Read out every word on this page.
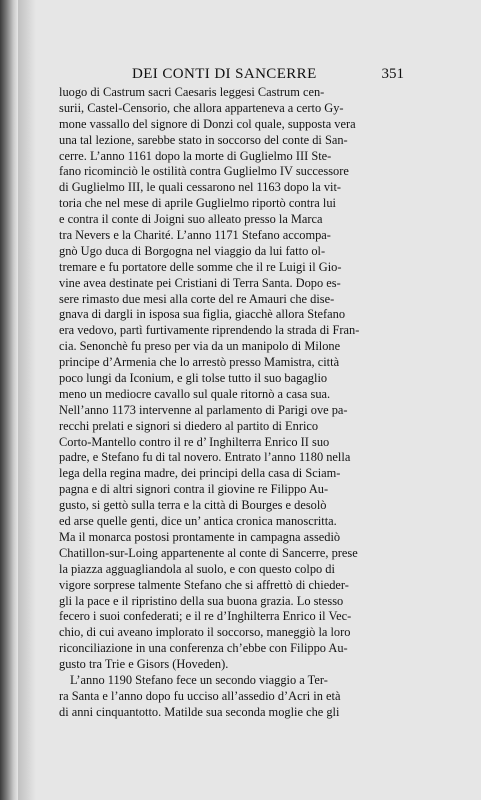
DEI CONTI DI SANCERRE	351
luogo di Castrum sacri Caesaris leggesi Castrum cen-
surii, Castel-Censorio, che allora apparteneva a certo Gy-
mone vassallo del signore di Donzi col quale, supposta vera
una tal lezione, sarebbe stato in soccorso del conte di San-
cerre. L’anno 1161 dopo la morte di Guglielmo III Ste-
fano ricominciò le ostilità contra Guglielmo IV successore
di Guglielmo III, le quali cessarono nel 1163 dopo la vit-
toria che nel mese di aprile Guglielmo riportò contra lui
e contra il conte di Joigni suo alleato presso la Marca
tra Nevers e la Charité. L’anno 1171 Stefano accompa-
gnò Ugo duca di Borgogna nel viaggio da lui fatto ol-
tremare e fu portatore delle somme che il re Luigi il Gio-
vine avea destinate pei Cristiani di Terra Santa. Dopo es-
sere rimasto due mesi alla corte del re Amauri che dise-
gnava di dargli in isposa sua figlia, giacchè allora Stefano
era vedovo, partì furtivamente riprendendo la strada di Fran-
cia. Senonchè fu preso per via da un manipolo di Milone
principe d’Armenia che lo arrestò presso Mamistra, città
poco lungi da Iconium, e gli tolse tutto il suo bagaglio
meno un mediocre cavallo sul quale ritornò a casa sua.
Nell’anno 1173 intervenne al parlamento di Parigi ove pa-
recchi prelati e signori si diedero al partito di Enrico
Corto-Mantello contro il re d’ Inghilterra Enrico II suo
padre, e Stefano fu di tal novero. Entrato l’anno 1180 nella
lega della regina madre, dei principi della casa di Sciam-
pagna e di altri signori contra il giovine re Filippo Au-
gusto, si gettò sulla terra e la città di Bourges e desolò
ed arse quelle genti, dice un’ antica cronica manoscritta.
Ma il monarca postosi prontamente in campagna assediò
Chatillon-sur-Loing appartenente al conte di Sancerre, prese
la piazza agguagliandola al suolo, e con questo colpo di
vigore sorprese talmente Stefano che si affrettò di chieder-
gli la pace e il ripristino della sua buona grazia. Lo stesso
fecero i suoi confederati; e il re d’Inghilterra Enrico il Vec-
chio, di cui aveano implorato il soccorso, maneggiò la loro
riconciliazione in una conferenza ch’ebbe con Filippo Au-
gusto tra Trie e Gisors (Hoveden).
L’anno 1190 Stefano fece un secondo viaggio a Ter-
ra Santa e l’anno dopo fu ucciso all’assedio d’Acri in età
di anni cinquantotto. Matilde sua seconda moglie che gli
